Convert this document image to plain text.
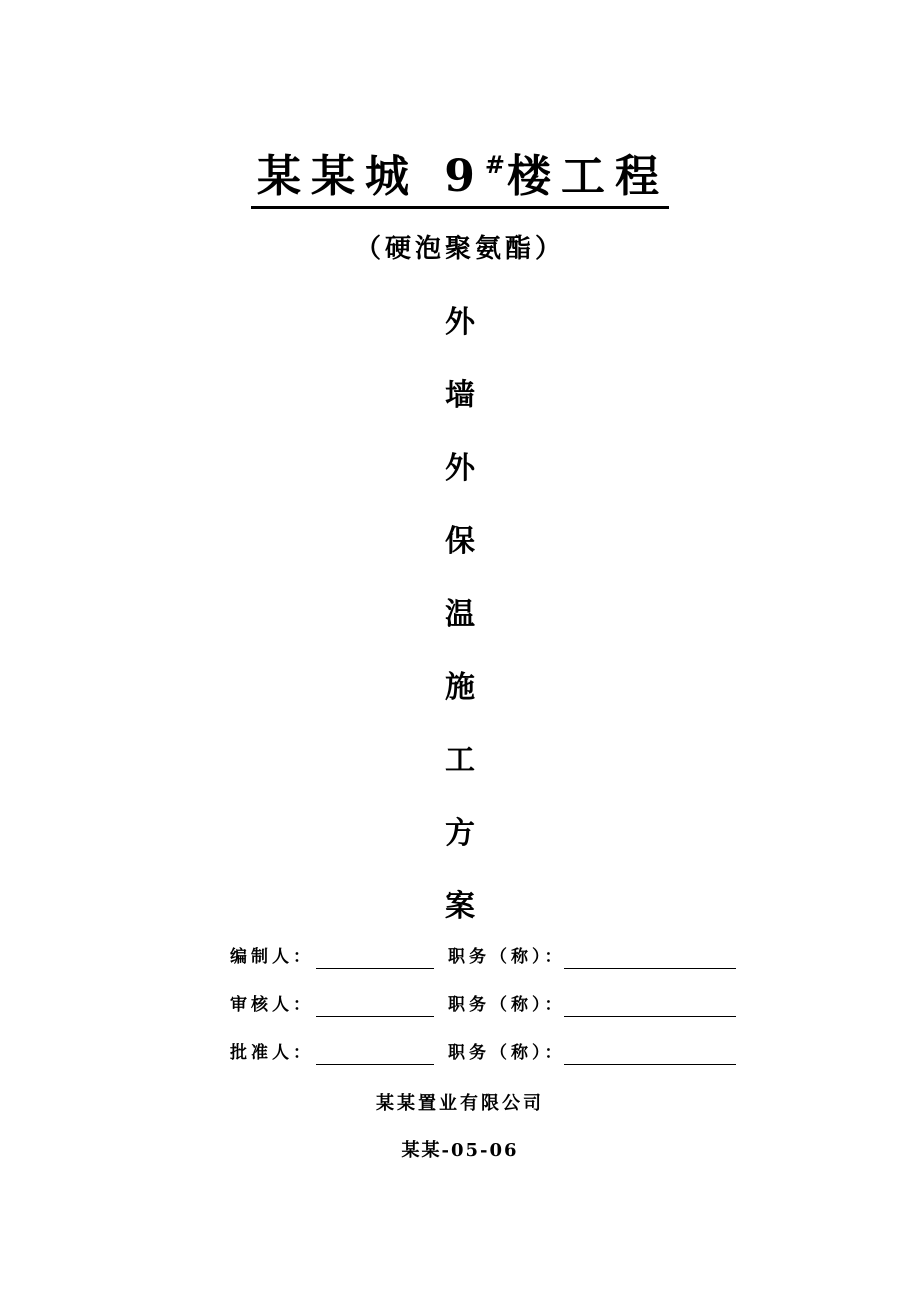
某某城 9#楼工程
（硬泡聚氨酯）
外
墙
外
保
温
施
工
方
案
编制人：	职务（称）：
审核人：	职务（称）：
批准人：	职务（称）：
某某置业有限公司
某某-05-06
